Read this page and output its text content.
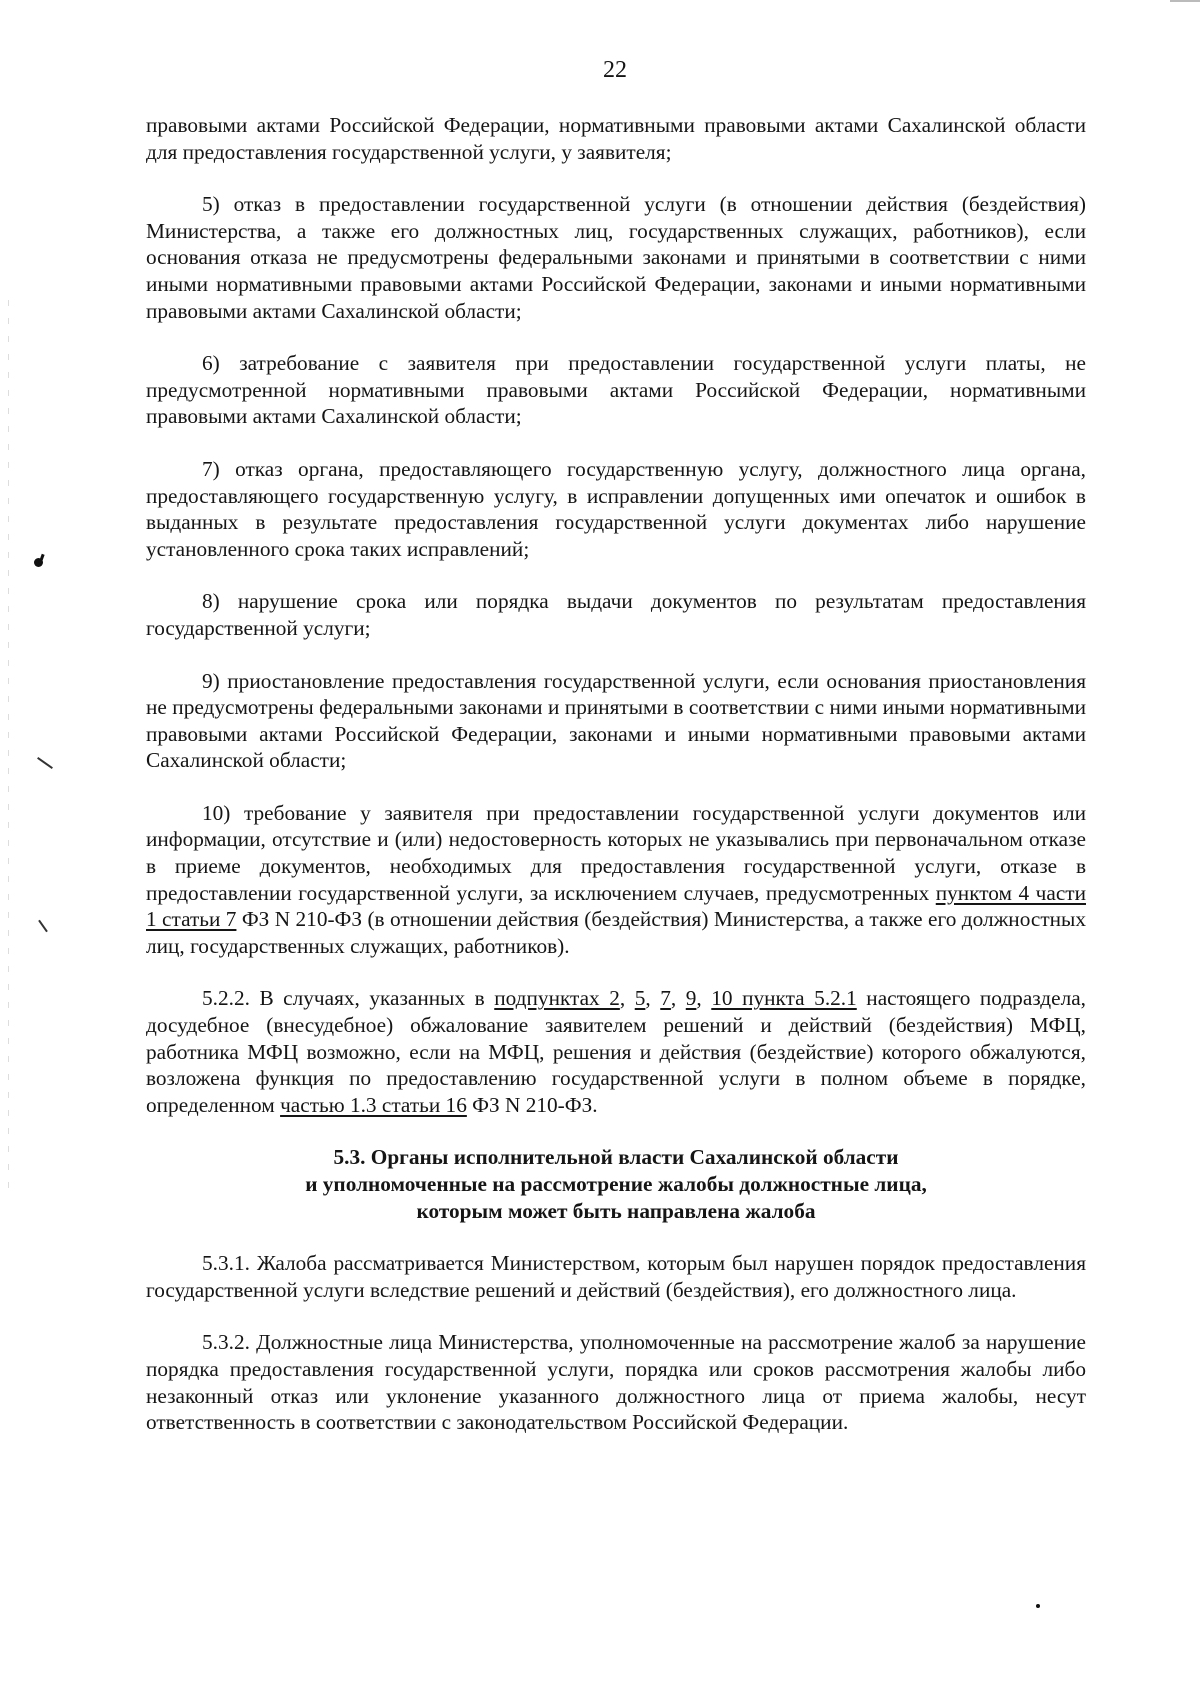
22

правовыми актами Российской Федерации, нормативными правовыми актами Сахалинской области для предоставления государственной услуги, у заявителя;

5) отказ в предоставлении государственной услуги (в отношении действия (бездействия) Министерства, а также его должностных лиц, государственных служащих, работников), если основания отказа не предусмотрены федеральными законами и принятыми в соответствии с ними иными нормативными правовыми актами Российской Федерации, законами и иными нормативными правовыми актами Сахалинской области;

6) затребование с заявителя при предоставлении государственной услуги платы, не предусмотренной нормативными правовыми актами Российской Федерации, нормативными правовыми актами Сахалинской области;

7) отказ органа, предоставляющего государственную услугу, должностного лица органа, предоставляющего государственную услугу, в исправлении допущенных ими опечаток и ошибок в выданных в результате предоставления государственной услуги документах либо нарушение установленного срока таких исправлений;

8) нарушение срока или порядка выдачи документов по результатам предоставления государственной услуги;

9) приостановление предоставления государственной услуги, если основания приостановления не предусмотрены федеральными законами и принятыми в соответствии с ними иными нормативными правовыми актами Российской Федерации, законами и иными нормативными правовыми актами Сахалинской области;

10) требование у заявителя при предоставлении государственной услуги документов или информации, отсутствие и (или) недостоверность которых не указывались при первоначальном отказе в приеме документов, необходимых для предоставления государственной услуги, отказе в предоставлении государственной услуги, за исключением случаев, предусмотренных пунктом 4 части 1 статьи 7 ФЗ N 210-ФЗ (в отношении действия (бездействия) Министерства, а также его должностных лиц, государственных служащих, работников).

5.2.2. В случаях, указанных в подпунктах 2, 5, 7, 9, 10 пункта 5.2.1 настоящего подраздела, досудебное (внесудебное) обжалование заявителем решений и действий (бездействия) МФЦ, работника МФЦ возможно, если на МФЦ, решения и действия (бездействие) которого обжалуются, возложена функция по предоставлению государственной услуги в полном объеме в порядке, определенном частью 1.3 статьи 16 ФЗ N 210-ФЗ.

5.3. Органы исполнительной власти Сахалинской области
и уполномоченные на рассмотрение жалобы должностные лица,
которым может быть направлена жалоба

5.3.1. Жалоба рассматривается Министерством, которым был нарушен порядок предоставления государственной услуги вследствие решений и действий (бездействия), его должностного лица.

5.3.2. Должностные лица Министерства, уполномоченные на рассмотрение жалоб за нарушение порядка предоставления государственной услуги, порядка или сроков рассмотрения жалобы либо незаконный отказ или уклонение указанного должностного лица от приема жалобы, несут ответственность в соответствии с законодательством Российской Федерации.
